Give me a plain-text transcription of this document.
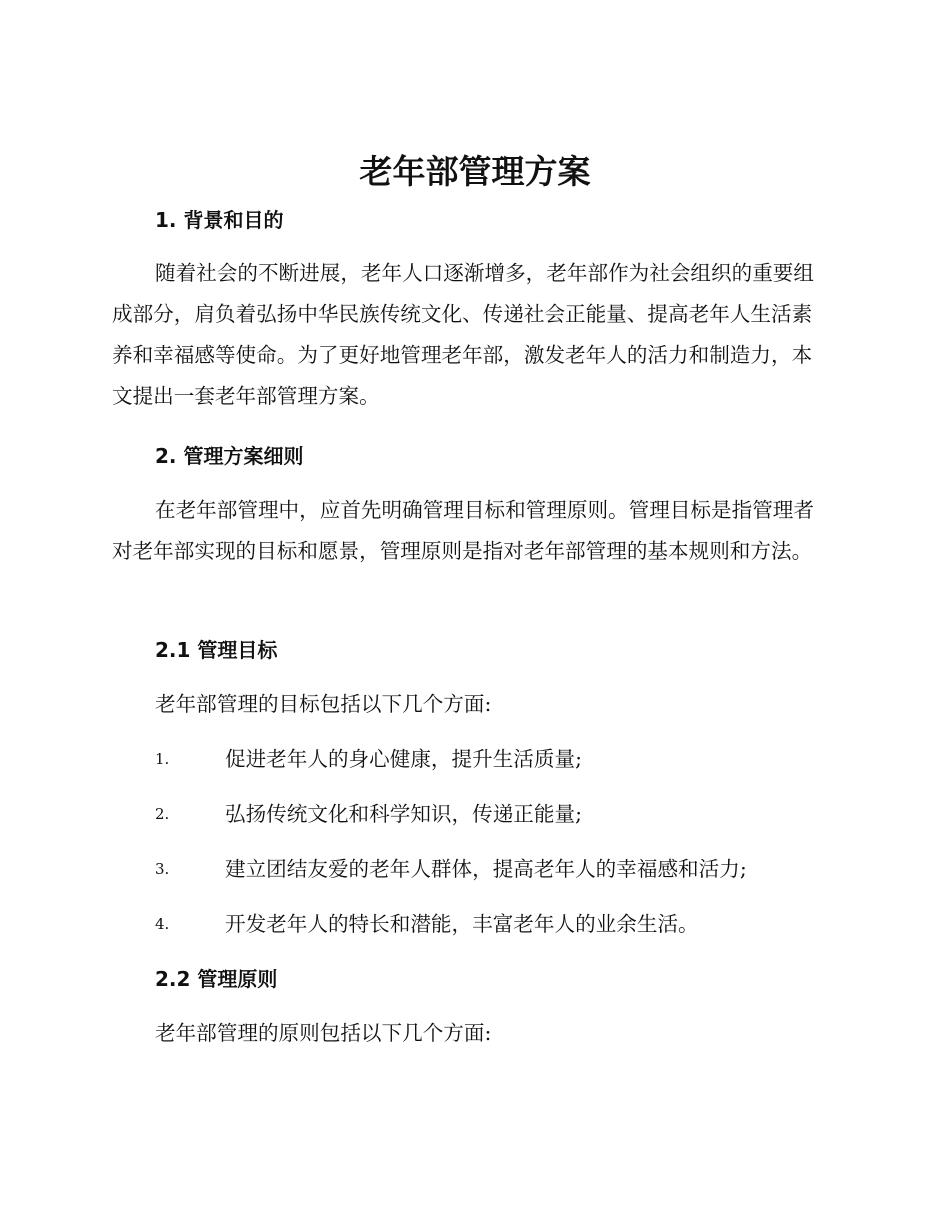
老年部管理方案
1. 背景和目的

随着社会的不断进展，老年人口逐渐增多，老年部作为社会组织的重要组成部分，肩负着弘扬中华民族传统文化、传递社会正能量、提高老年人生活素养和幸福感等使命。为了更好地管理老年部，激发老年人的活力和制造力，本文提出一套老年部管理方案。

2. 管理方案细则

在老年部管理中，应首先明确管理目标和管理原则。管理目标是指管理者对老年部实现的目标和愿景，管理原则是指对老年部管理的基本规则和方法。

2.1 管理目标

老年部管理的目标包括以下几个方面:

1.	促进老年人的身心健康，提升生活质量;
2.	弘扬传统文化和科学知识，传递正能量;
3.	建立团结友爱的老年人群体，提高老年人的幸福感和活力;
4.	开发老年人的特长和潜能，丰富老年人的业余生活。
2.2 管理原则

老年部管理的原则包括以下几个方面:
